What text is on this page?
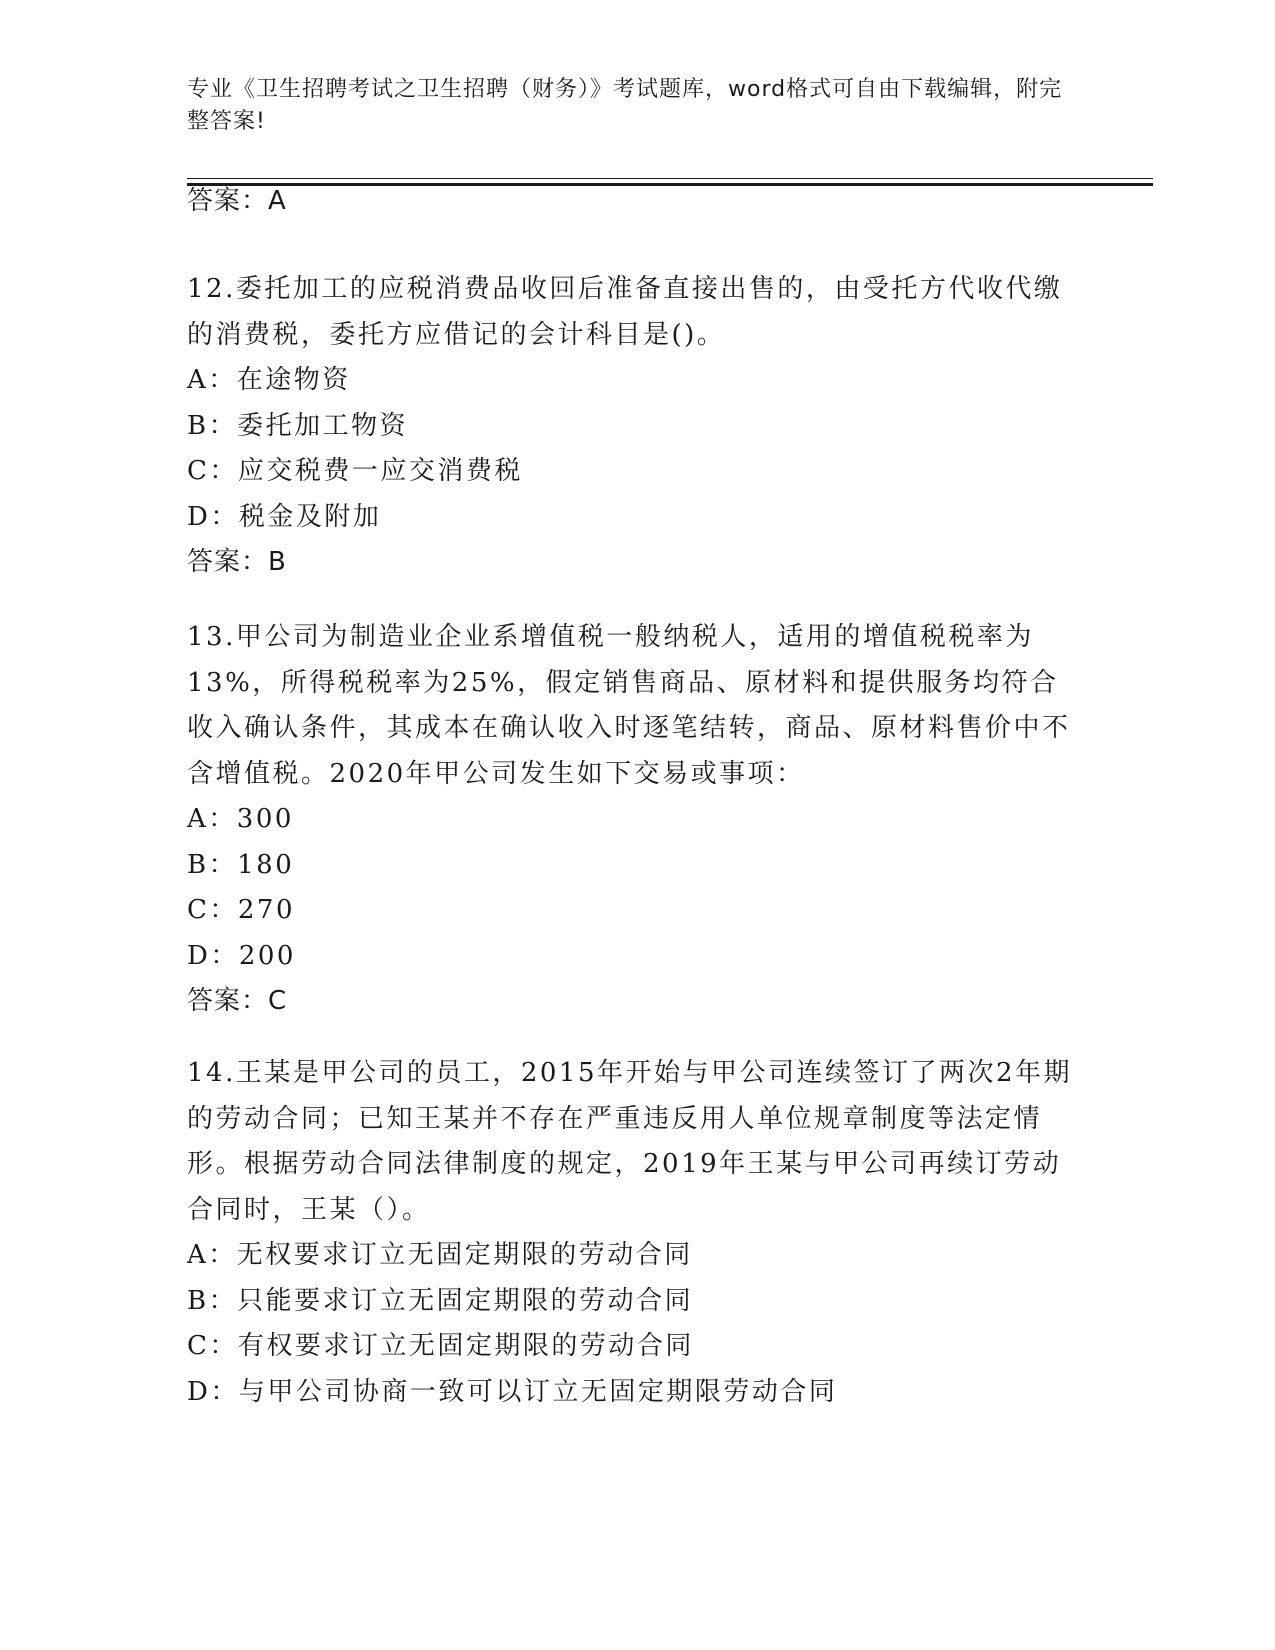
专业《卫生招聘考试之卫生招聘（财务）》考试题库，word格式可自由下载编辑，附完整答案!
答案：A
12.委托加工的应税消费品收回后准备直接出售的，由受托方代收代缴的消费税，委托方应借记的会计科目是()。
A：在途物资
B：委托加工物资
C：应交税费一应交消费税
D：税金及附加
答案：B
13.甲公司为制造业企业系增值税一般纳税人，适用的增值税税率为13%，所得税税率为25%，假定销售商品、原材料和提供服务均符合收入确认条件，其成本在确认收入时逐笔结转，商品、原材料售价中不含增值税。2020年甲公司发生如下交易或事项：
A：300
B：180
C：270
D：200
答案：C
14.王某是甲公司的员工，2015年开始与甲公司连续签订了两次2年期的劳动合同；已知王某并不存在严重违反用人单位规章制度等法定情形。根据劳动合同法律制度的规定，2019年王某与甲公司再续订劳动合同时，王某（）。
A：无权要求订立无固定期限的劳动合同
B：只能要求订立无固定期限的劳动合同
C：有权要求订立无固定期限的劳动合同
D：与甲公司协商一致可以订立无固定期限劳动合同
